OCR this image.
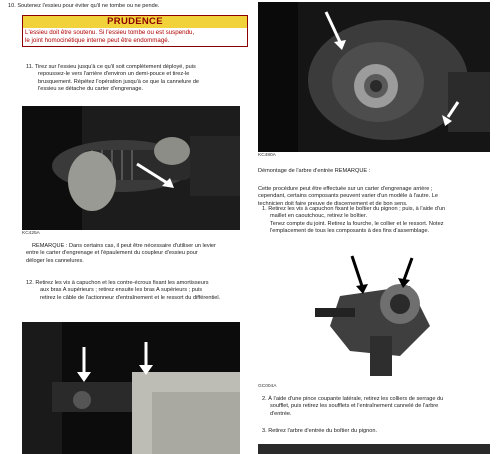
10. Soutenez l'essieu pour éviter qu'il ne tombe ou ne pende.
PRUDENCE
L'essieu doit être soutenu. Si l'essieu tombe ou est suspendu,
le joint homocinétique interne peut être endommagé.
11. Tirez sur l'essieu jusqu'à ce qu'il soit complètement déployé, puis
repoussez-le vers l'arrière d'environ un demi-pouce et tirez-le
brusquement. Répétez l'opération jusqu'à ce que la cannelure de
l'essieu se détache du carter d'engrenage.
KC425A
REMARQUE : Dans certains cas, il peut être nécessaire d'utiliser un levier
entre le carter d'engrenage et l'épaulement du coupleur d'essieu pour
déloger les cannelures.
12. Retirez les vis à capuchon et les contre-écrous fixant les amortisseurs
aux bras A supérieurs ; retirez ensuite les bras A supérieurs ; puis
retirez le câble de l'actionneur d'entraînement et le ressort du différentiel.
KC480A
Démontage de l'arbre d'entrée REMARQUE :
Cette procédure peut être effectuée sur un carter d'engrenage arrière ;
cependant, certains composants peuvent varier d'un modèle à l'autre. Le
technicien doit faire preuve de discernement et de bon sens.
1. Retirez les vis à capuchon fixant le boîtier du pignon ; puis, à l'aide d'un
maillet en caoutchouc, retirez le boîtier.
Tenez compte du joint. Retirez la fourche, le collier et le ressort. Notez
l'emplacement de tous les composants à des fins d'assemblage.
GC004A
2. À l'aide d'une pince coupante latérale, retirez les colliers de serrage du
soufflet, puis retirez les soufflets et l'entraînement cannelé de l'arbre
d'entrée.
3. Retirez l'arbre d'entrée du boîtier du pignon.
